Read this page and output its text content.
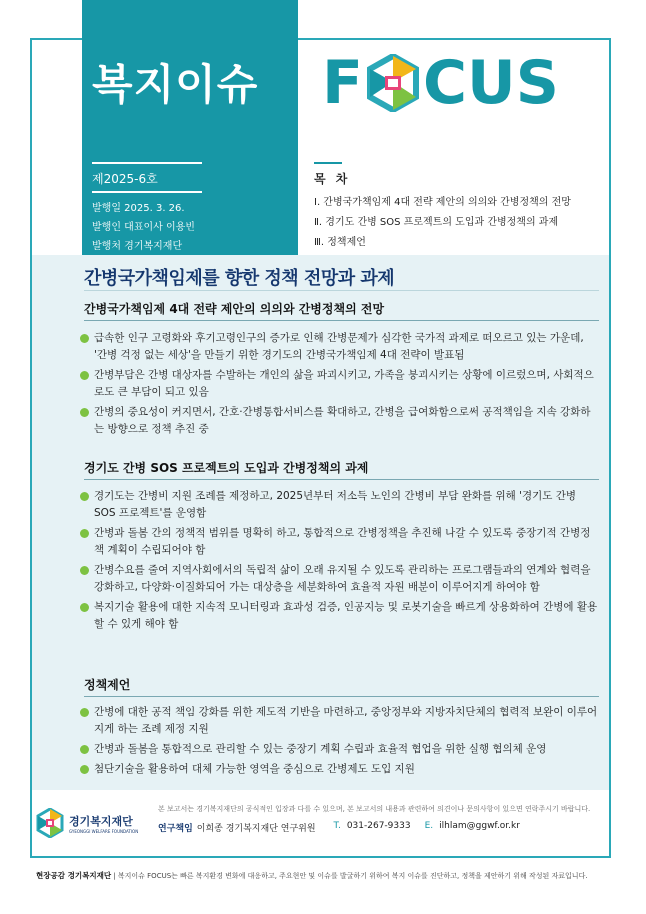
복지이슈	F CUS
제2025-6호
발행일 2025. 3. 26.
발행인 대표이사 이용빈
발행처 경기복지재단
목 차
Ⅰ. 간병국가책임제 4대 전략 제안의 의의와 간병정책의 전망
Ⅱ. 경기도 간병 SOS 프로젝트의 도입과 간병정책의 과제
Ⅲ. 정책제언
간병국가책임제를 향한 정책 전망과 과제
간병국가책임제 4대 전략 제안의 의의와 간병정책의 전망
급속한 인구 고령화와 후기고령인구의 증가로 인해 간병문제가 심각한 국가적 과제로 떠오르고 있는 가운데, '간병 걱정 없는 세상'을 만들기 위한 경기도의 간병국가책임제 4대 전략이 발표됨
간병부담은 간병 대상자를 수발하는 개인의 삶을 파괴시키고, 가족을 붕괴시키는 상황에 이르렀으며, 사회적으로도 큰 부담이 되고 있음
간병의 중요성이 커지면서, 간호·간병통합서비스를 확대하고, 간병을 급여화함으로써 공적책임을 지속 강화하는 방향으로 정책 추진 중
경기도 간병 SOS 프로젝트의 도입과 간병정책의 과제
경기도는 간병비 지원 조례를 제정하고, 2025년부터 저소득 노인의 간병비 부담 완화를 위해 '경기도 간병 SOS 프로젝트'를 운영함
간병과 돌봄 간의 정책적 범위를 명확히 하고, 통합적으로 간병정책을 추진해 나갈 수 있도록 중장기적 간병정책 계획이 수립되어야 함
간병수요를 줄여 지역사회에서의 독립적 삶이 오래 유지될 수 있도록 관리하는 프로그램들과의 연계와 협력을 강화하고, 다양화·이질화되어 가는 대상층을 세분화하여 효율적 자원 배분이 이루어지게 하여야 함
복지기술 활용에 대한 지속적 모니터링과 효과성 검증, 인공지능 및 로봇기술을 빠르게 상용화하여 간병에 활용할 수 있게 해야 함
정책제언
간병에 대한 공적 책임 강화를 위한 제도적 기반을 마련하고, 중앙정부와 지방자치단체의 협력적 보완이 이루어지게 하는 조례 제정 지원
간병과 돌봄을 통합적으로 관리할 수 있는 중장기 계획 수립과 효율적 협업을 위한 실행 협의체 운영
첨단기술을 활용하여 대체 가능한 영역을 중심으로 간병제도 도입 지원
경기복지재단
GYEONGGI WELFARE FOUNDATION
본 보고서는 경기복지재단의 공식적인 입장과 다를 수 있으며, 본 보고서의 내용과 관련하여 의견이나 문의사항이 있으면 연락주시기 바랍니다.
연구책임 이희종 경기복지재단 연구위원 T. 031-267-9333 E. ilhlam@ggwf.or.kr
현장공감 경기복지재단 | 복지이슈 FOCUS는 빠른 복지환경 변화에 대응하고, 주요현안 및 이슈를 발굴하기 위하여 복지 이슈를 진단하고, 정책을 제안하기 위해 작성된 자료입니다.
